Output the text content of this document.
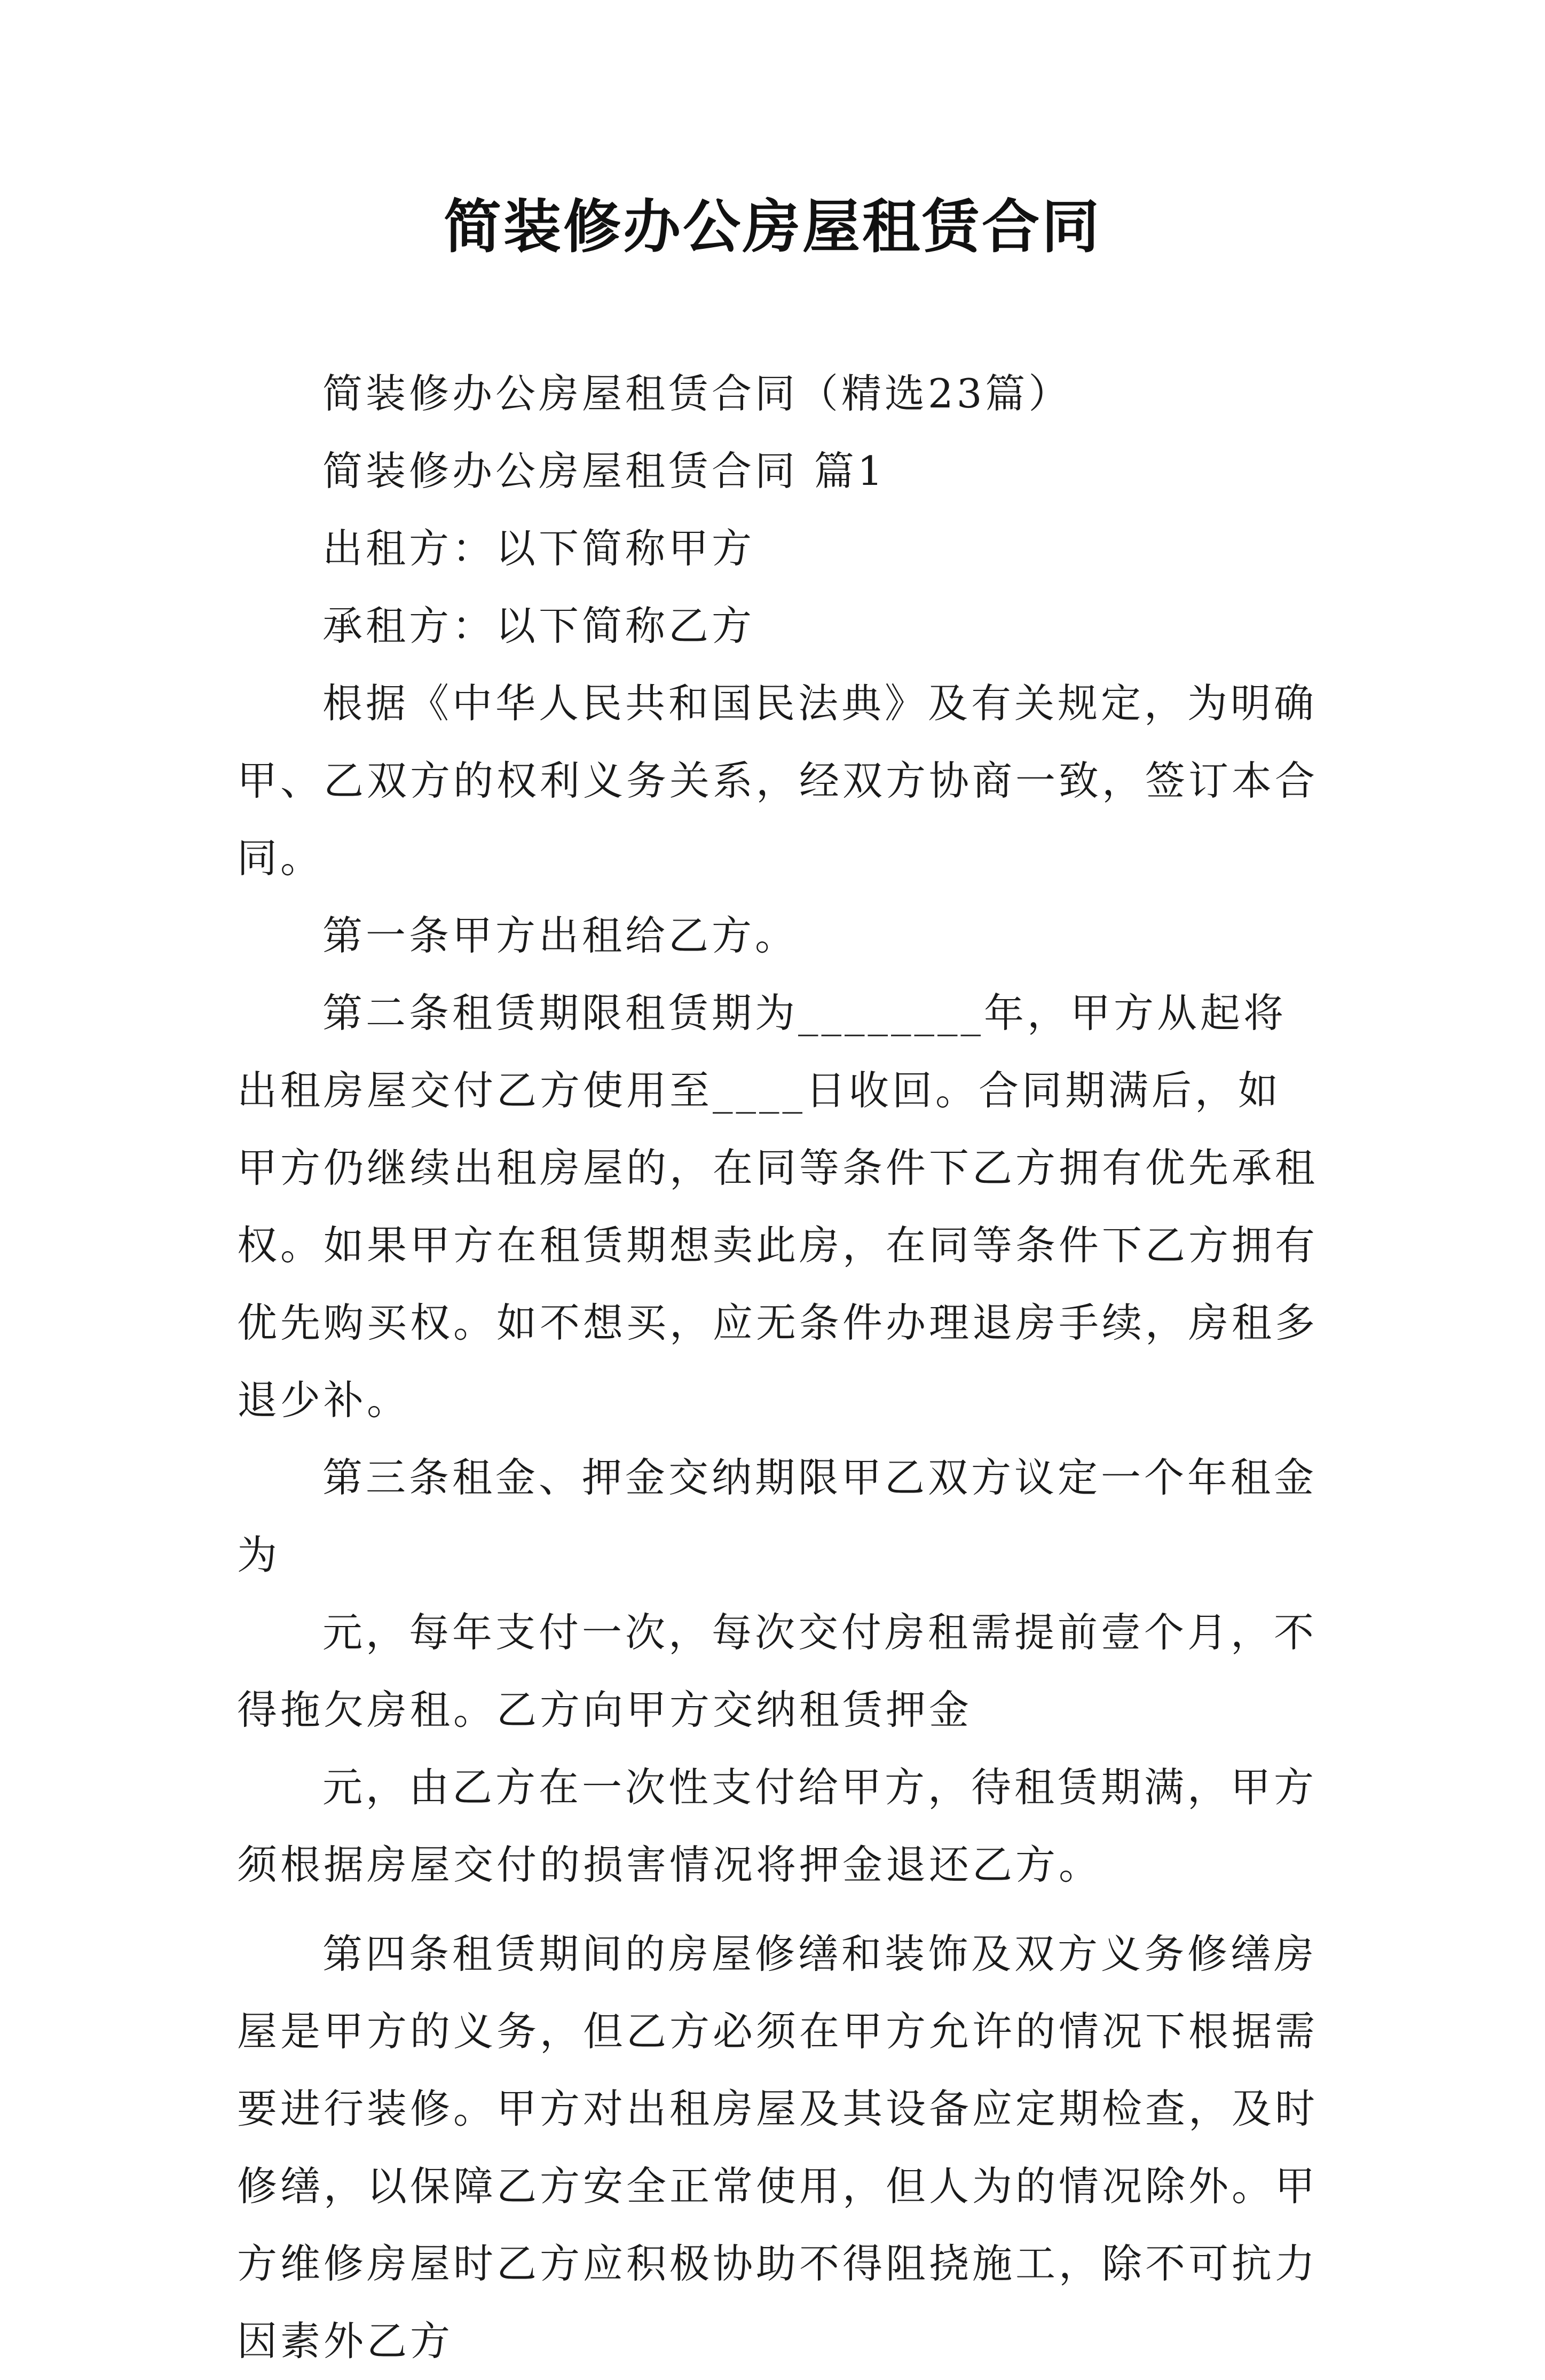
简装修办公房屋租赁合同

简装修办公房屋租赁合同（精选23篇）

简装修办公房屋租赁合同 篇1

出租方：以下简称甲方

承租方：以下简称乙方

根据《中华人民共和国民法典》及有关规定，为明确甲、乙双方的权利义务关系，经双方协商一致，签订本合同。

第一条甲方出租给乙方。

第二条租赁期限租赁期为________年，甲方从起将出租房屋交付乙方使用至____日收回。合同期满后，如甲方仍继续出租房屋的，在同等条件下乙方拥有优先承租权。如果甲方在租赁期想卖此房，在同等条件下乙方拥有优先购买权。如不想买，应无条件办理退房手续，房租多退少补。

第三条租金、押金交纳期限甲乙双方议定一个年租金为

元，每年支付一次，每次交付房租需提前壹个月，不得拖欠房租。乙方向甲方交纳租赁押金

元，由乙方在一次性支付给甲方，待租赁期满，甲方须根据房屋交付的损害情况将押金退还乙方。

第四条租赁期间的房屋修缮和装饰及双方义务修缮房屋是甲方的义务，但乙方必须在甲方允许的情况下根据需要进行装修。甲方对出租房屋及其设备应定期检查，及时修缮，以保障乙方安全正常使用，但人为的情况除外。甲方维修房屋时乙方应积极协助不得阻挠施工，除不可抗力因素外乙方
